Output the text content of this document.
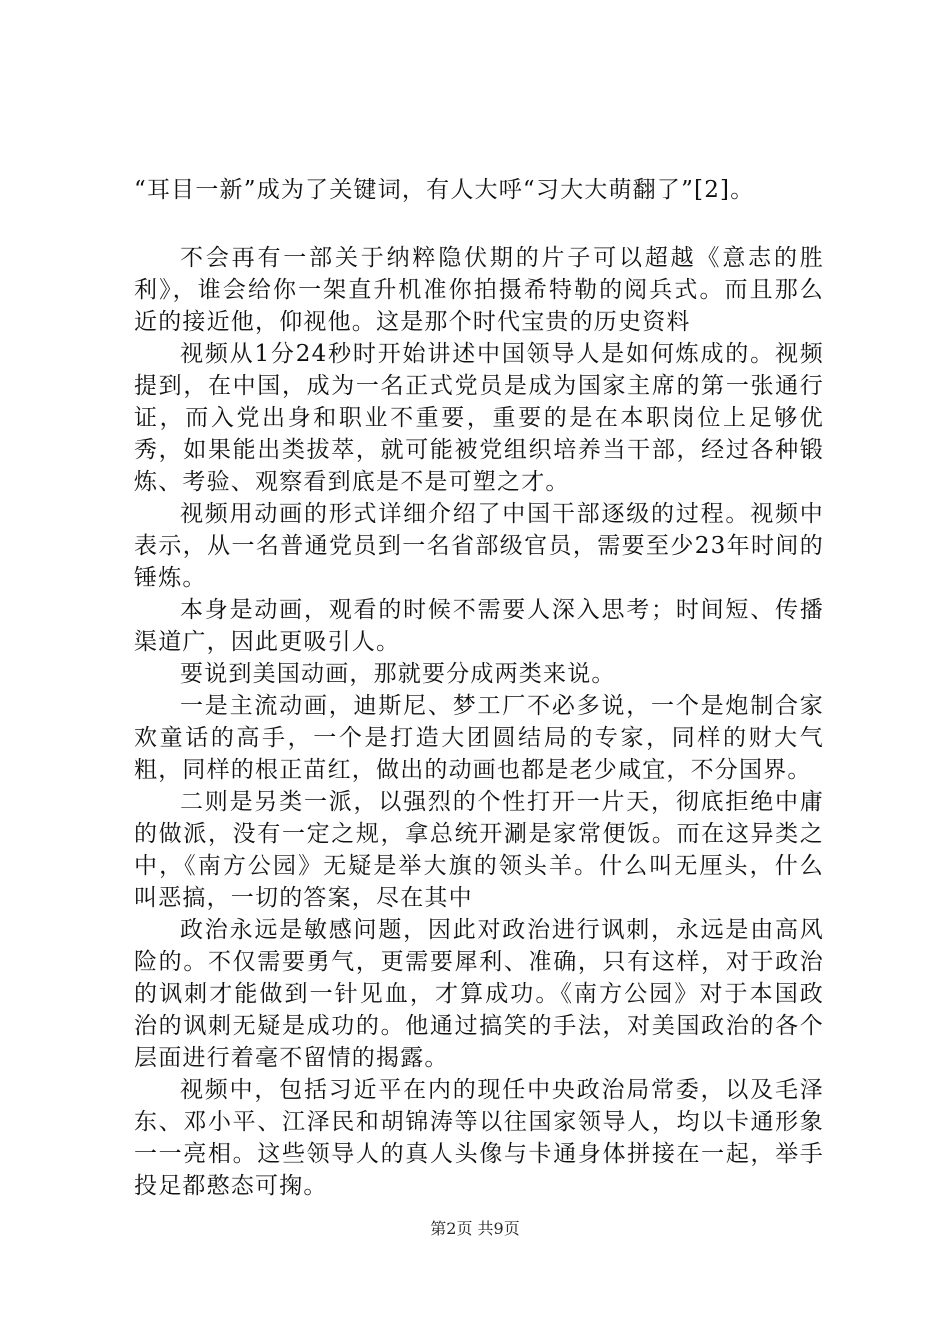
“耳目一新”成为了关键词，有人大呼“习大大萌翻了”[2]。

不会再有一部关于纳粹隐伏期的片子可以超越《意志的胜利》，谁会给你一架直升机准你拍摄希特勒的阅兵式。而且那么近的接近他，仰视他。这是那个时代宝贵的历史资料

视频从1分24秒时开始讲述中国领导人是如何炼成的。视频提到，在中国，成为一名正式党员是成为国家主席的第一张通行证，而入党出身和职业不重要，重要的是在本职岗位上足够优秀，如果能出类拔萃，就可能被党组织培养当干部，经过各种锻炼、考验、观察看到底是不是可塑之才。

视频用动画的形式详细介绍了中国干部逐级的过程。视频中表示，从一名普通党员到一名省部级官员，需要至少23年时间的锤炼。

本身是动画，观看的时候不需要人深入思考；时间短、传播渠道广，因此更吸引人。

要说到美国动画，那就要分成两类来说。

一是主流动画，迪斯尼、梦工厂不必多说，一个是炮制合家欢童话的高手，一个是打造大团圆结局的专家，同样的财大气粗，同样的根正苗红，做出的动画也都是老少咸宜，不分国界。

二则是另类一派，以强烈的个性打开一片天，彻底拒绝中庸的做派，没有一定之规，拿总统开涮是家常便饭。而在这异类之中，《南方公园》无疑是举大旗的领头羊。什么叫无厘头，什么叫恶搞，一切的答案，尽在其中

政治永远是敏感问题，因此对政治进行讽刺，永远是由高风险的。不仅需要勇气，更需要犀利、准确，只有这样，对于政治的讽刺才能做到一针见血，才算成功。《南方公园》对于本国政治的讽刺无疑是成功的。他通过搞笑的手法，对美国政治的各个层面进行着毫不留情的揭露。

视频中，包括习近平在内的现任中央政治局常委，以及毛泽东、邓小平、江泽民和胡锦涛等以往国家领导人，均以卡通形象一一亮相。这些领导人的真人头像与卡通身体拼接在一起，举手投足都憨态可掬。

第2页 共9页
